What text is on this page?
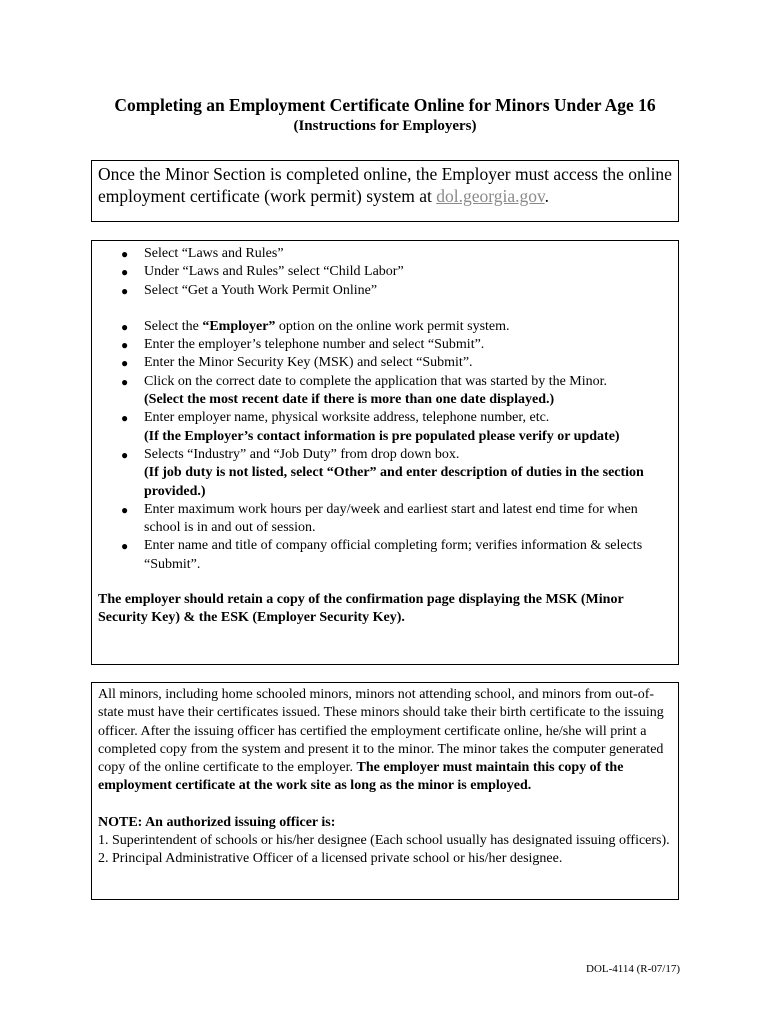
Completing an Employment Certificate Online for Minors Under Age 16
(Instructions for Employers)
Once the Minor Section is completed online, the Employer must access the online employment certificate (work permit) system at dol.georgia.gov.
● Select “Laws and Rules”
● Under “Laws and Rules” select “Child Labor”
● Select “Get a Youth Work Permit Online”
● Select the “Employer” option on the online work permit system.
● Enter the employer’s telephone number and select “Submit”.
● Enter the Minor Security Key (MSK) and select “Submit”.
● Click on the correct date to complete the application that was started by the Minor.
(Select the most recent date if there is more than one date displayed.)
● Enter employer name, physical worksite address, telephone number, etc.
(If the Employer’s contact information is pre populated please verify or update)
● Selects “Industry” and “Job Duty” from drop down box.
(If job duty is not listed, select “Other” and enter description of duties in the section provided.)
● Enter maximum work hours per day/week and earliest start and latest end time for when school is in and out of session.
● Enter name and title of company official completing form; verifies information & selects “Submit”.
The employer should retain a copy of the confirmation page displaying the MSK (Minor Security Key) & the ESK (Employer Security Key).
All minors, including home schooled minors, minors not attending school, and minors from out-of-state must have their certificates issued. These minors should take their birth certificate to the issuing officer. After the issuing officer has certified the employment certificate online, he/she will print a completed copy from the system and present it to the minor. The minor takes the computer generated copy of the online certificate to the employer. The employer must maintain this copy of the employment certificate at the work site as long as the minor is employed.
NOTE: An authorized issuing officer is:
1. Superintendent of schools or his/her designee (Each school usually has designated issuing officers).
2. Principal Administrative Officer of a licensed private school or his/her designee.
DOL-4114 (R-07/17)
